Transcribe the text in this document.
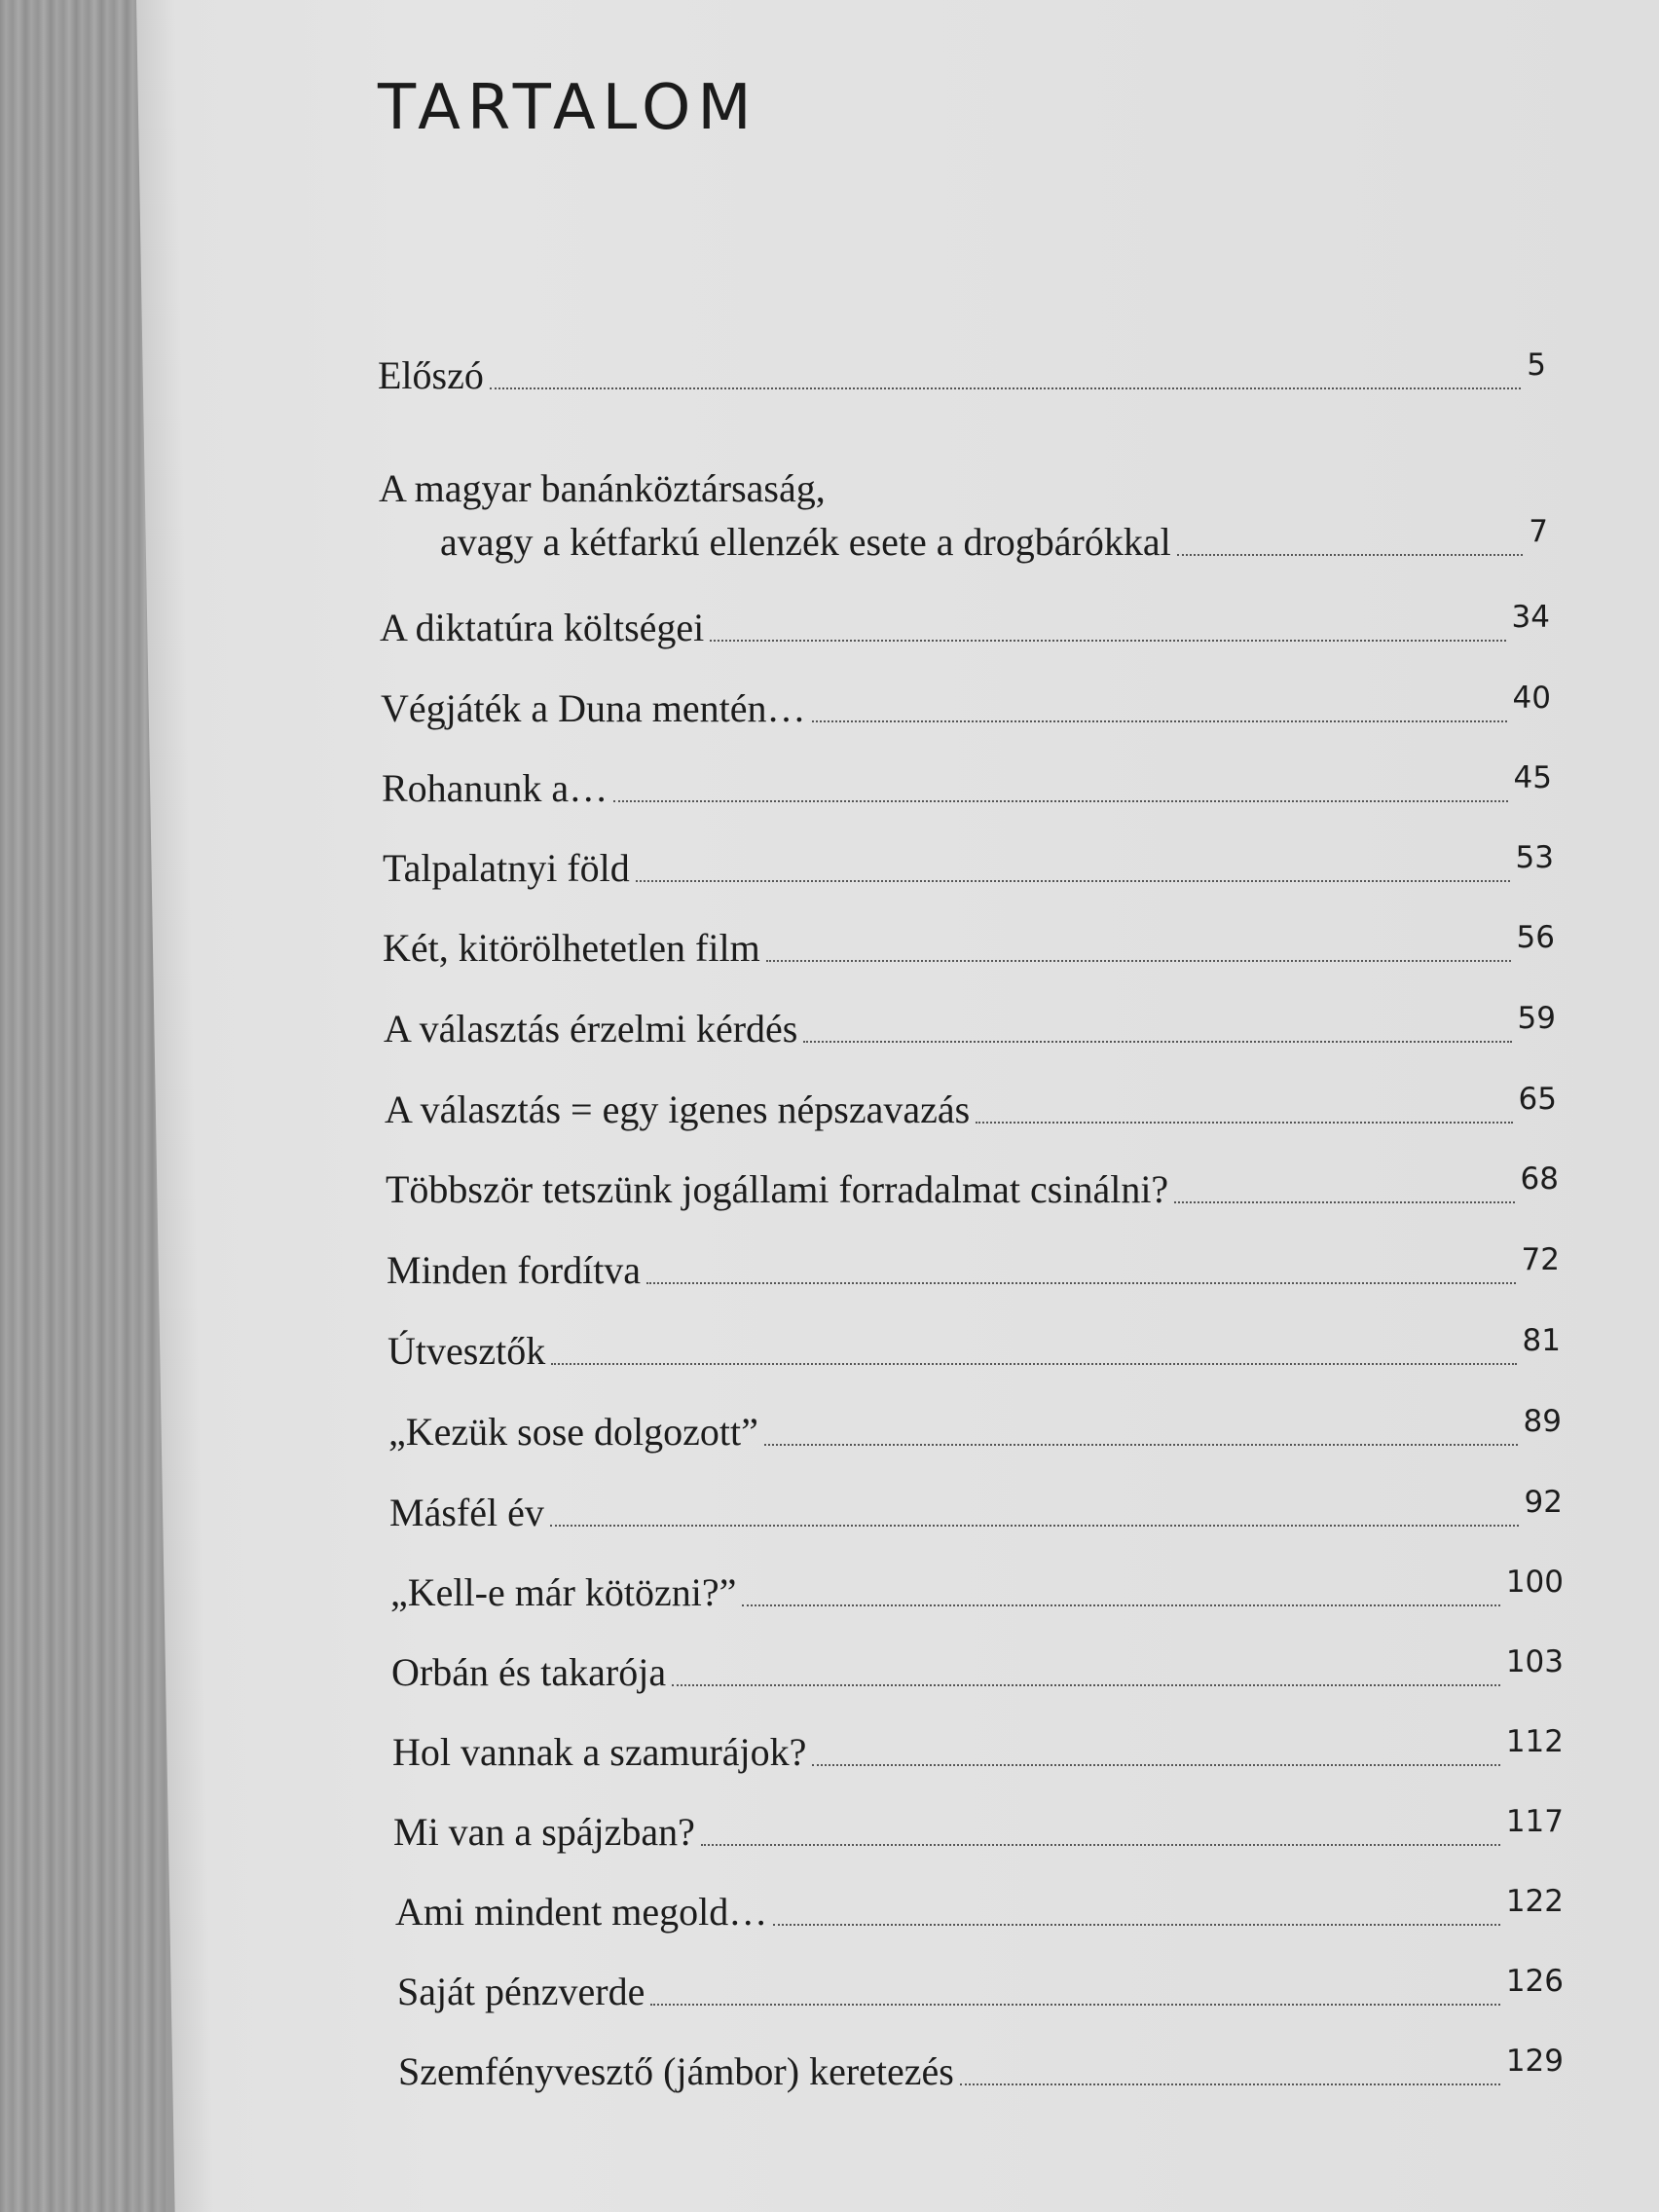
TARTALOM
Előszó	5
A magyar banánköztársaság,
avagy a kétfarkú ellenzék esete a drogbárókkal	7
A diktatúra költségei	34
Végjáték a Duna mentén…	40
Rohanunk a…	45
Talpalatnyi föld	53
Két, kitörölhetetlen film	56
A választás érzelmi kérdés	59
A választás = egy igenes népszavazás	65
Többször tetszünk jogállami forradalmat csinálni?	68
Minden fordítva	72
Útvesztők	81
„Kezük sose dolgozott”	89
Másfél év	92
„Kell-e már kötözni?”	100
Orbán és takarója	103
Hol vannak a szamurájok?	112
Mi van a spájzban?	117
Ami mindent megold…	122
Saját pénzverde	126
Szemfényvesztő (jámbor) keretezés	129
